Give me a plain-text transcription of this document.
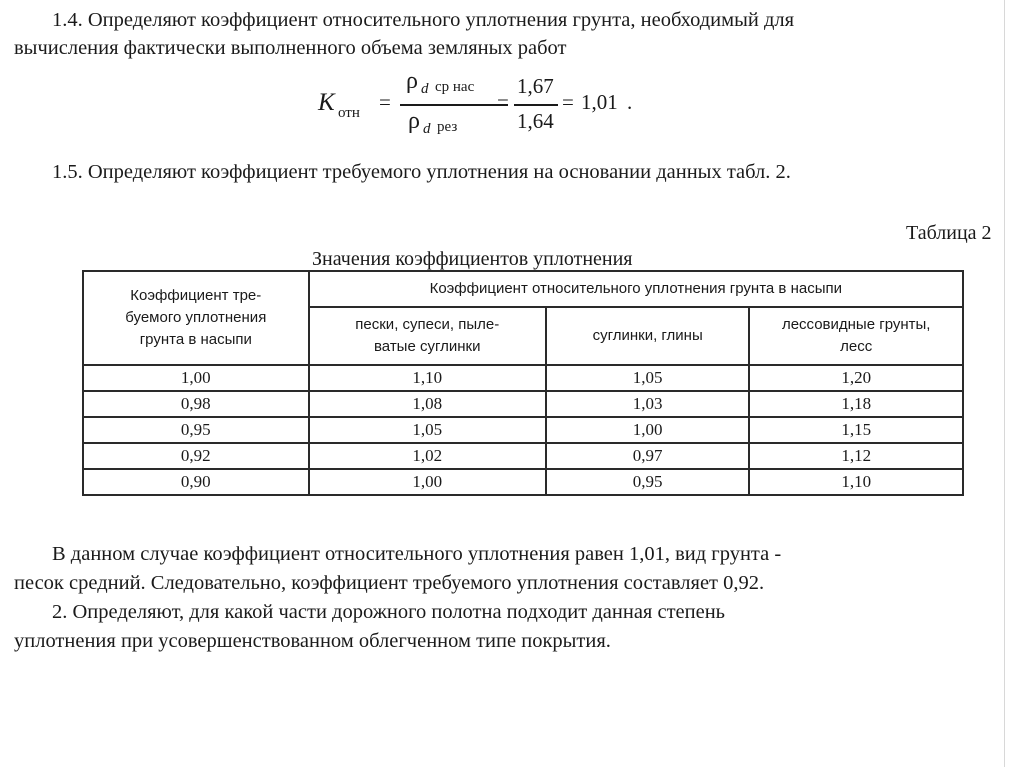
1.4. Определяют коэффициент относительного уплотнения грунта, необходимый для

вычисления фактически выполненного объема земляных работ

K отн =
ρ d ср нас
ρ d рез
=
1,67
1,64
= 1,01 .

1.5. Определяют коэффициент требуемого уплотнения на основании данных табл. 2.

Таблица 2
Значения коэффициентов уплотнения
Коэффициент тре-
буемого уплотнения
грунта в насыпи	Коэффициент относительного уплотнения грунта в насыпи		
	пески, супеси, пыле-
ватые суглинки	суглинки, глины	лессовидные грунты,
лесс
1,00	1,10	1,05	1,20
0,98	1,08	1,03	1,18
0,95	1,05	1,00	1,15
0,92	1,02	0,97	1,12
0,90	1,00	0,95	1,10

В данном случае коэффициент относительного уплотнения равен 1,01, вид грунта -

песок средний. Следовательно, коэффициент требуемого уплотнения составляет 0,92.

2. Определяют, для какой части дорожного полотна подходит данная степень

уплотнения при усовершенствованном облегченном типе покрытия.
